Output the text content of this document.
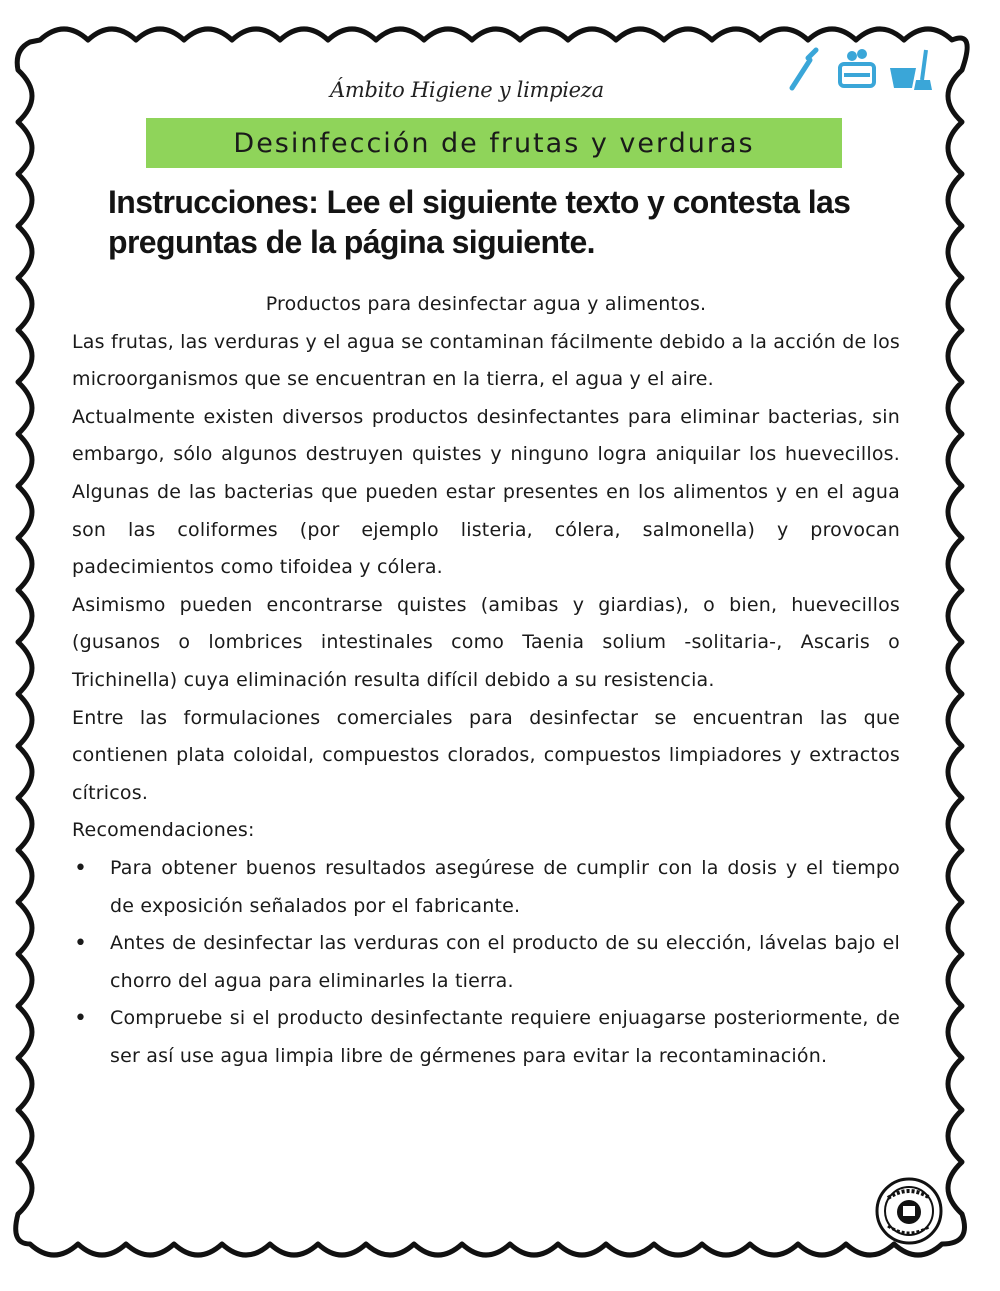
Ámbito Higiene y limpieza
Desinfección de frutas y verduras
Instrucciones: Lee el siguiente texto y contesta las
preguntas de la página siguiente.

Productos para desinfectar agua y alimentos.

Las frutas, las verduras y el agua se contaminan fácilmente debido a la acción de los microorganismos que se encuentran en la tierra, el agua y el aire.

Actualmente existen diversos productos desinfectantes para eliminar bacterias, sin embargo, sólo algunos destruyen quistes y ninguno logra aniquilar los huevecillos. Algunas de las bacterias que pueden estar presentes en los alimentos y en el agua son las coliformes (por ejemplo listeria, cólera, salmonella) y provocan padecimientos como tifoidea y cólera.

Asimismo pueden encontrarse quistes (amibas y giardias), o bien, huevecillos (gusanos o lombrices intestinales como Taenia solium -solitaria-, Ascaris o Trichinella) cuya eliminación resulta difícil debido a su resistencia.

Entre las formulaciones comerciales para desinfectar se encuentran las que contienen plata coloidal, compuestos clorados, compuestos limpiadores y extractos cítricos.

Recomendaciones:

• Para obtener buenos resultados asegúrese de cumplir con la dosis y el tiempo de exposición señalados por el fabricante.
• Antes de desinfectar las verduras con el producto de su elección, lávelas bajo el chorro del agua para eliminarles la tierra.
• Compruebe si el producto desinfectante requiere enjuagarse posteriormente, de ser así use agua limpia libre de gérmenes para evitar la recontaminación.
